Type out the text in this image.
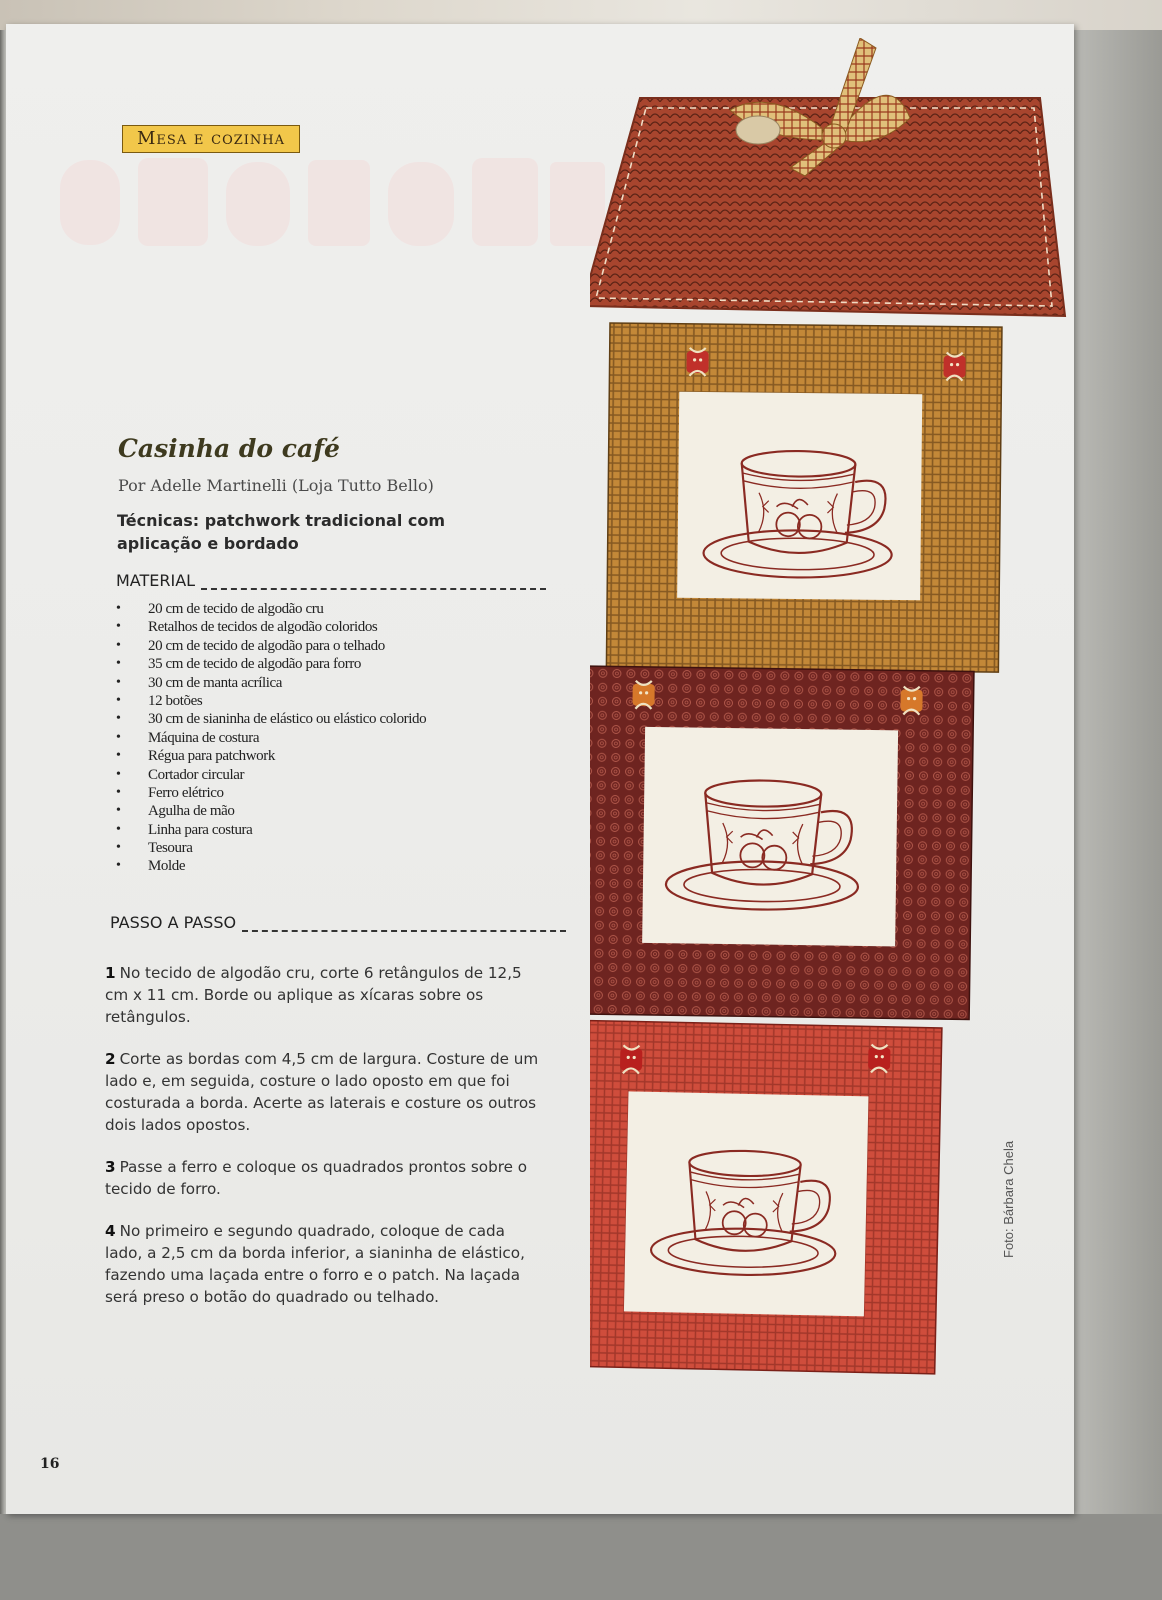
Mesa e cozinha
Casinha do café
Por Adelle Martinelli (Loja Tutto Bello)
Técnicas: patchwork tradicional com
aplicação e bordado
MATERIAL
• 20 cm de tecido de algodão cru
• Retalhos de tecidos de algodão coloridos
• 20 cm de tecido de algodão para o telhado
• 35 cm de tecido de algodão para forro
• 30 cm de manta acrílica
• 12 botões
• 30 cm de sianinha de elástico ou elástico colorido
• Máquina de costura
• Régua para patchwork
• Cortador circular
• Ferro elétrico
• Agulha de mão
• Linha para costura
• Tesoura
• Molde
PASSO A PASSO

1 No tecido de algodão cru, corte 6 retângulos de 12,5 cm x 11 cm. Borde ou aplique as xícaras sobre os retângulos.

2 Corte as bordas com 4,5 cm de largura. Costure de um lado e, em seguida, costure o lado oposto em que foi costurada a borda. Acerte as laterais e costure os outros dois lados opostos.

3 Passe a ferro e coloque os quadrados prontos sobre o tecido de forro.

4 No primeiro e segundo quadrado, coloque de cada lado, a 2,5 cm da borda inferior, a sianinha de elástico, fazendo uma laçada entre o forro e o patch. Na laçada será preso o botão do quadrado ou telhado.

16
Foto: Bárbara Chela
